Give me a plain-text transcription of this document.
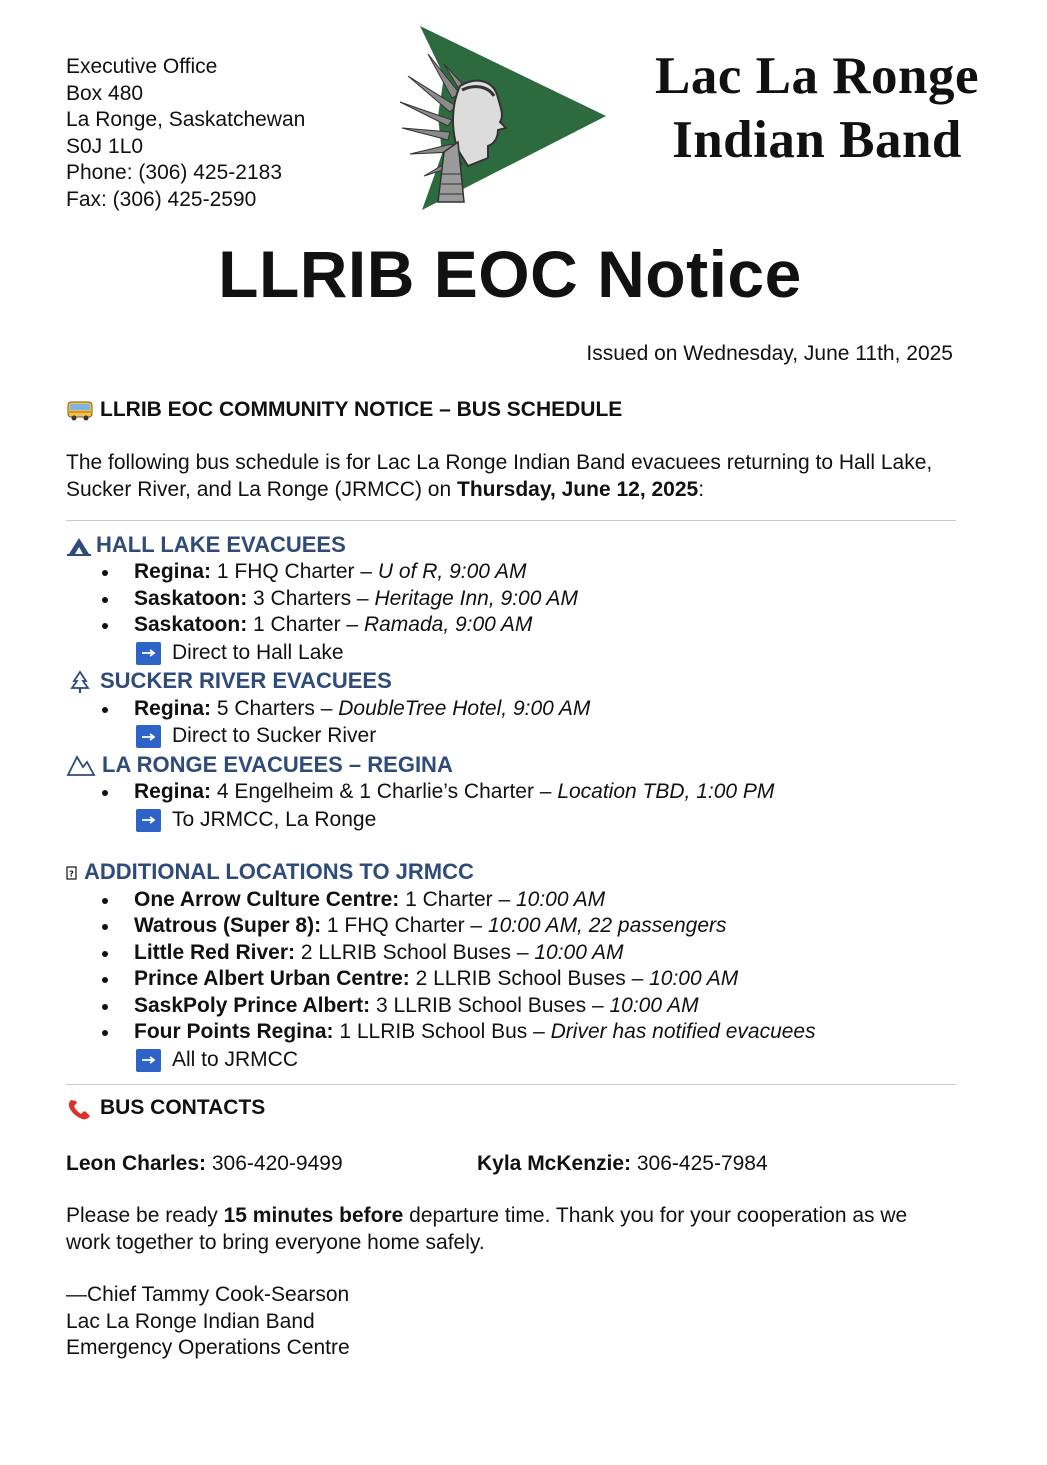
Executive Office
Box 480
La Ronge, Saskatchewan
S0J 1L0
Phone: (306) 425-2183
Fax: (306) 425-2590
Lac La Ronge
Indian Band
LLRIB EOC Notice
Issued on Wednesday, June 11th, 2025
LLRIB EOC COMMUNITY NOTICE – BUS SCHEDULE
The following bus schedule is for Lac La Ronge Indian Band evacuees returning to Hall Lake, Sucker River, and La Ronge (JRMCC) on Thursday, June 12, 2025:
HALL LAKE EVACUEES
Regina: 1 FHQ Charter – U of R, 9:00 AM
Saskatoon: 3 Charters – Heritage Inn, 9:00 AM
Saskatoon: 1 Charter – Ramada, 9:00 AM
Direct to Hall Lake
SUCKER RIVER EVACUEES
Regina: 5 Charters – DoubleTree Hotel, 9:00 AM
Direct to Sucker River
LA RONGE EVACUEES – REGINA
Regina: 4 Engelheim & 1 Charlie’s Charter – Location TBD, 1:00 PM
To JRMCC, La Ronge
? ADDITIONAL LOCATIONS TO JRMCC
One Arrow Culture Centre: 1 Charter – 10:00 AM
Watrous (Super 8): 1 FHQ Charter – 10:00 AM, 22 passengers
Little Red River: 2 LLRIB School Buses – 10:00 AM
Prince Albert Urban Centre: 2 LLRIB School Buses – 10:00 AM
SaskPoly Prince Albert: 3 LLRIB School Buses – 10:00 AM
Four Points Regina: 1 LLRIB School Bus – Driver has notified evacuees
All to JRMCC
BUS CONTACTS
Leon Charles: 306-420-9499	Kyla McKenzie: 306-425-7984
Please be ready 15 minutes before departure time. Thank you for your cooperation as we work together to bring everyone home safely.
—Chief Tammy Cook-Searson
Lac La Ronge Indian Band
Emergency Operations Centre
